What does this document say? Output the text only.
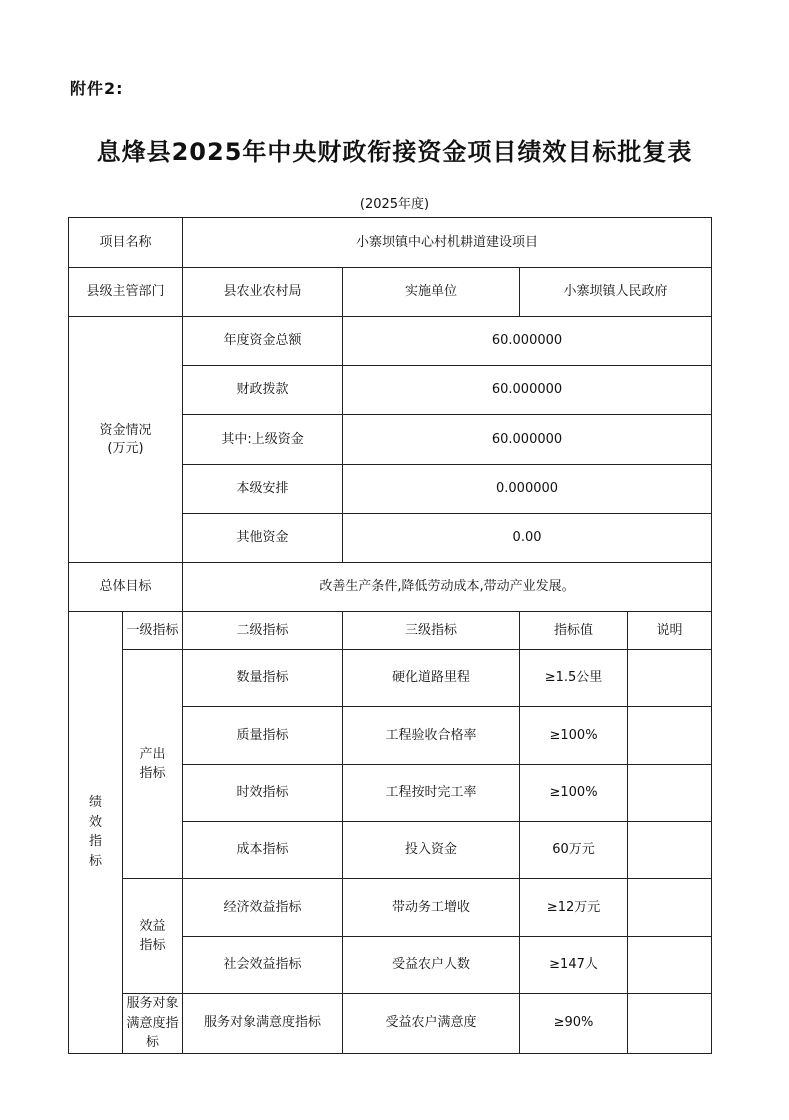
附件2:
息烽县2025年中央财政衔接资金项目绩效目标批复表
(2025年度)
项目名称		小寨坝镇中心村机耕道建设项目			
县级主管部门		县农业农村局	实施单位	小寨坝镇人民政府	
资金情况
(万元)		年度资金总额	60.000000		
		财政拨款	60.000000		
		其中:上级资金	60.000000		
		本级安排	0.000000		
		其他资金	0.00		
总体目标		改善生产条件,降低劳动成本,带动产业发展。			
绩效指标	一级指标	二级指标	三级指标	指标值	说明
	产出指标	数量指标	硬化道路里程	≥1.5公里	
		质量指标	工程验收合格率	≥100%	
		时效指标	工程按时完工率	≥100%	
		成本指标	投入资金	60万元	
	效益指标	经济效益指标	带动务工增收	≥12万元	
		社会效益指标	受益农户人数	≥147人	
	服务对象满意度指标	服务对象满意度指标	受益农户满意度	≥90%	
